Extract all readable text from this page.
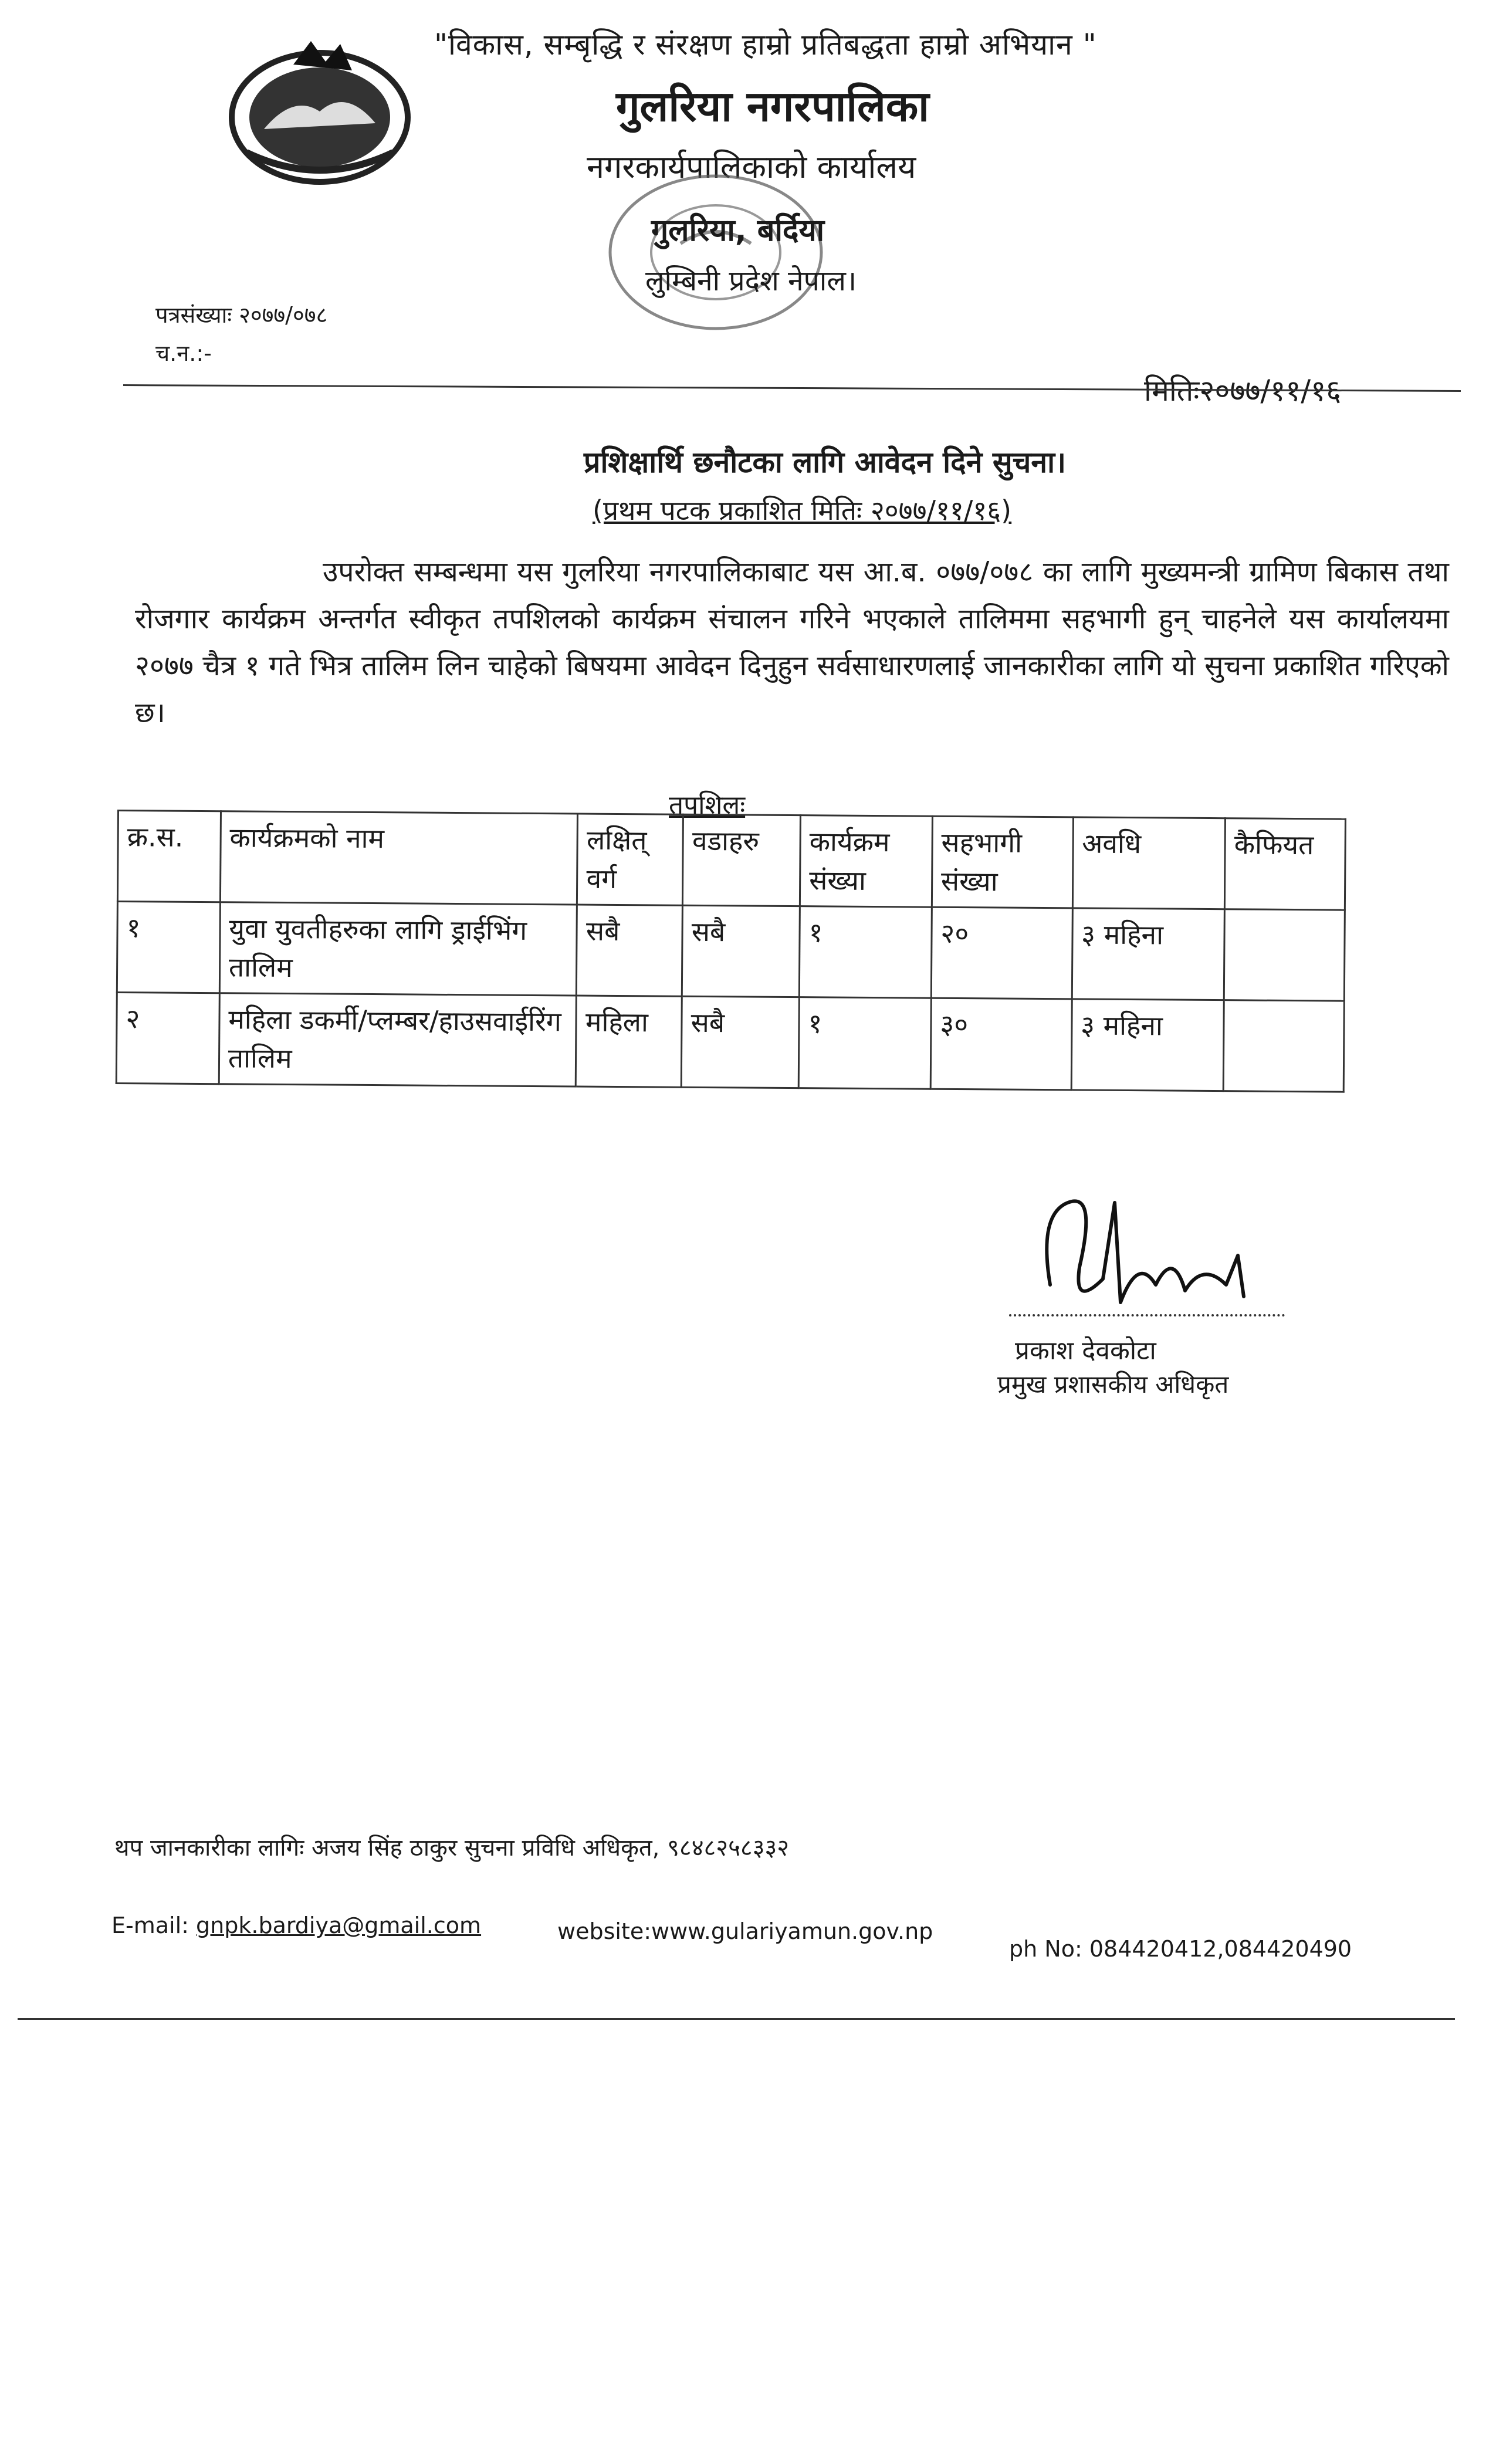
"विकास, सम्बृद्धि र संरक्षण हाम्रो प्रतिबद्धता हाम्रो अभियान "
गुलरिया नगरपालिका
नगरकार्यपालिकाको कार्यालय
गुलरिया, बर्दिया
लुम्बिनी प्रदेश नेपाल।
पत्रसंख्याः २०७७/०७८
च.न.:-
मितिः२०७७/११/१६
प्रशिक्षार्थि छनौटका लागि आवेदन दिने सुचना।
(प्रथम पटक प्रकाशित मितिः २०७७/११/१६)
उपरोक्त सम्बन्धमा यस गुलरिया नगरपालिकाबाट यस आ.ब. ०७७/०७८ का लागि मुख्यमन्त्री ग्रामिण बिकास तथा रोजगार कार्यक्रम अन्तर्गत स्वीकृत तपशिलको कार्यक्रम संचालन गरिने भएकाले तालिममा सहभागी हुन् चाहनेले यस कार्यालयमा २०७७ चैत्र १ गते भित्र तालिम लिन चाहेको बिषयमा आवेदन दिनुहुन सर्वसाधारणलाई जानकारीका लागि यो सुचना प्रकाशित गरिएको छ।
तपशिलः
क्र.स.	कार्यक्रमको नाम	लक्षित् वर्ग	वडाहरु	कार्यक्रम संख्या	सहभागी संख्या	अवधि	कैफियत
१	युवा युवतीहरुका लागि ड्राईभिंग तालिम	सबै	सबै	१	२०	३ महिना	
२	महिला डकर्मी/प्लम्बर/हाउसवाईरिंग तालिम	महिला	सबै	१	३०	३ महिना	
प्रकाश देवकोटा
प्रमुख प्रशासकीय अधिकृत
थप जानकारीका लागिः अजय सिंह ठाकुर सुचना प्रविधि अधिकृत, ९८४८२५८३३२
E-mail: gnpk.bardiya@gmail.com	website:www.gulariyamun.gov.np
ph No: 084420412,084420490
